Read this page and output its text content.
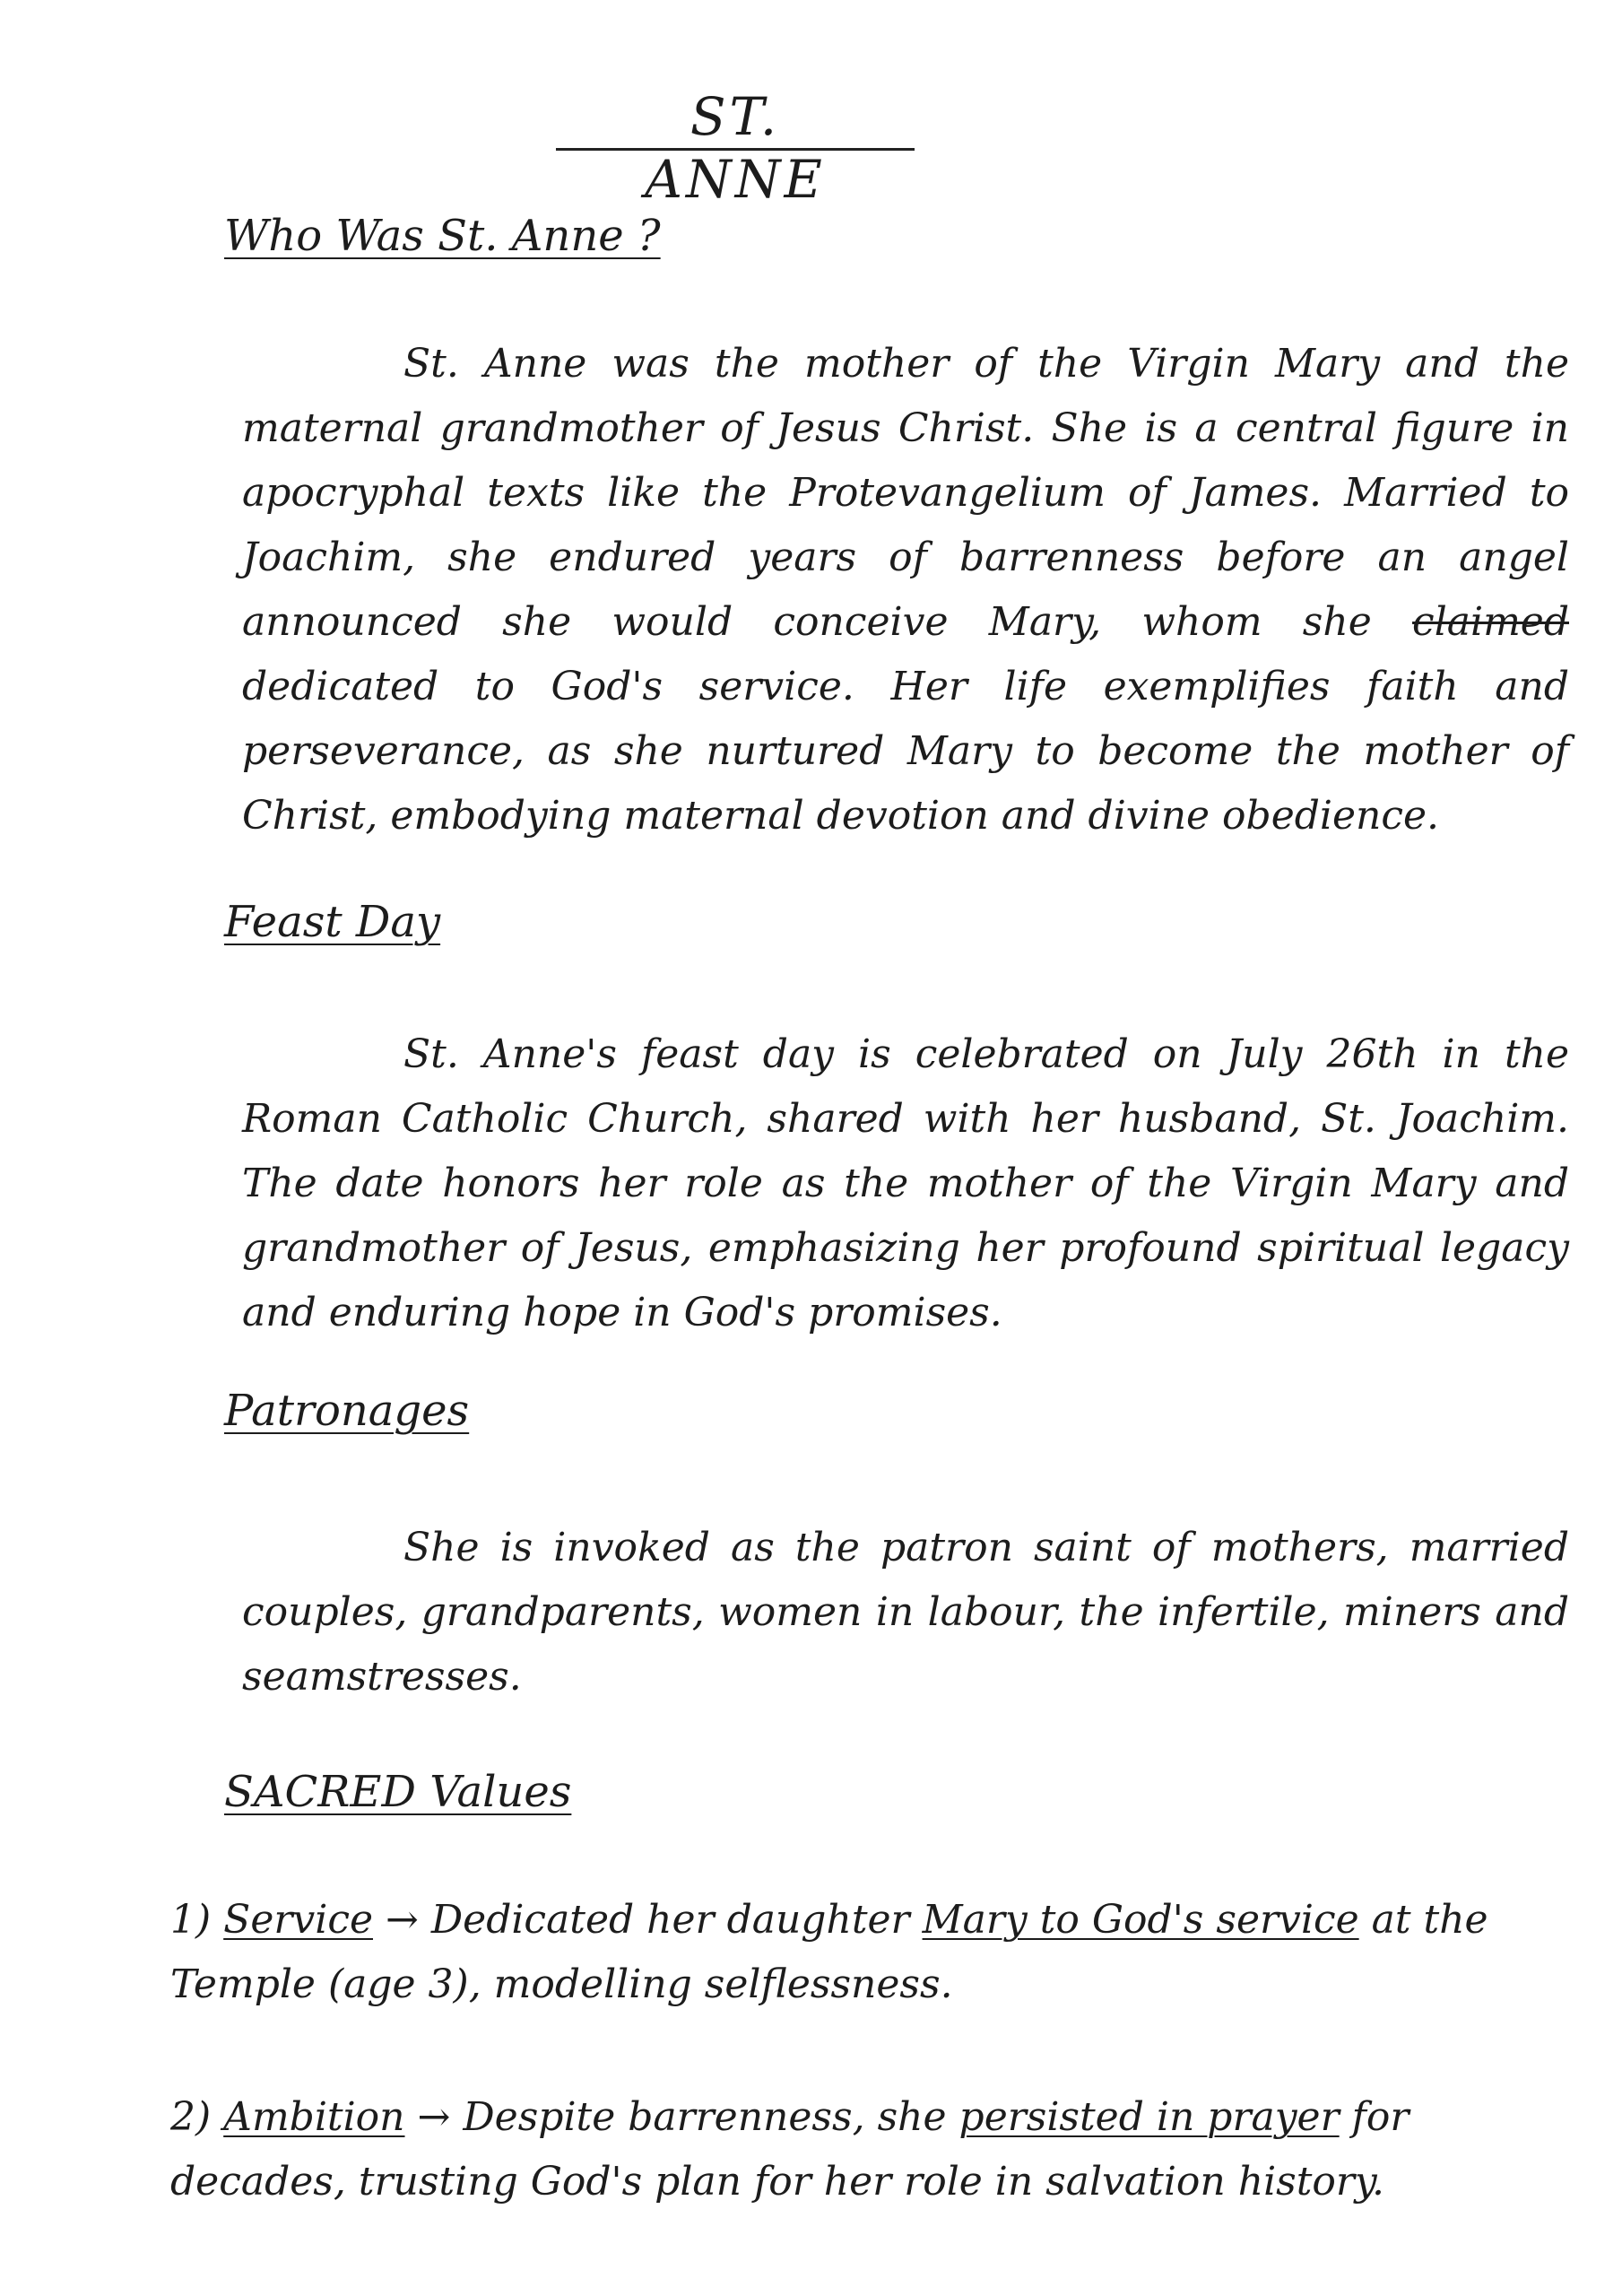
ST. ANNE
Who Was St. Anne ?
St. Anne was the mother of the Virgin Mary and the maternal grandmother of Jesus Christ. She is a central figure in apocryphal texts like the Protevangelium of James. Married to Joachim, she endured years of barrenness before an angel announced she would conceive Mary, whom she claimed dedicated to God's service. Her life exemplifies faith and perseverance, as she nurtured Mary to become the mother of Christ, embodying maternal devotion and divine obedience.
Feast Day
St. Anne's feast day is celebrated on July 26th in the Roman Catholic Church, shared with her husband, St. Joachim. The date honors her role as the mother of the Virgin Mary and grandmother of Jesus, emphasizing her profound spiritual legacy and enduring hope in God's promises.
Patronages
She is invoked as the patron saint of mothers, married couples, grandparents, women in labour, the infertile, miners and seamstresses.
SACRED Values
1) Service → Dedicated her daughter Mary to God's service at the Temple (age 3), modelling selflessness.
2) Ambition → Despite barrenness, she persisted in prayer for decades, trusting God's plan for her role in salvation history.
